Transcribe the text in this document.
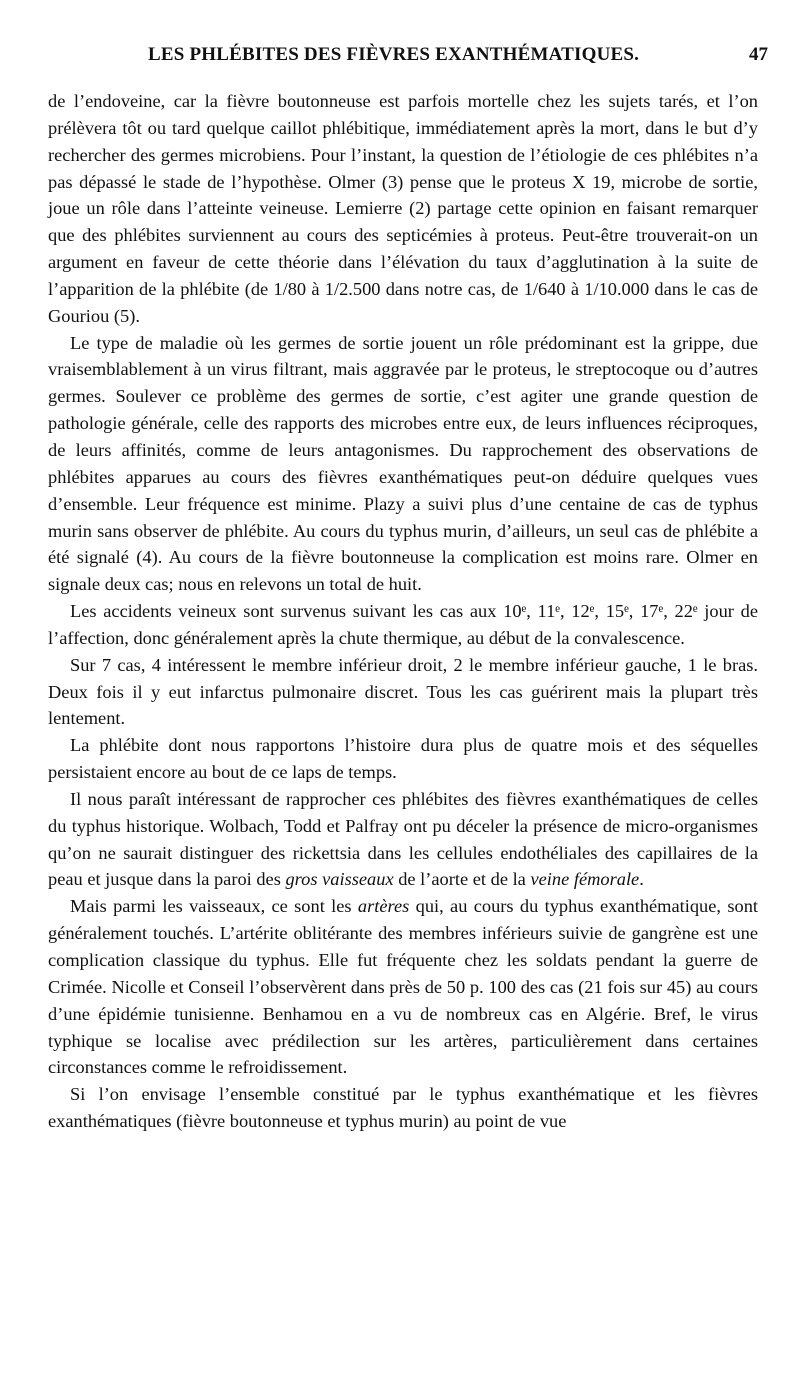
LES PHLÉBITES DES FIÈVRES EXANTHÉMATIQUES.	47

de l’endoveine, car la fièvre boutonneuse est parfois mortelle chez les sujets tarés, et l’on prélèvera tôt ou tard quelque caillot phlébitique, immédiatement après la mort, dans le but d’y rechercher des germes microbiens. Pour l’instant, la question de l’étiologie de ces phlébites n’a pas dépassé le stade de l’hypothèse. Olmer (3) pense que le proteus X 19, microbe de sortie, joue un rôle dans l’atteinte veineuse. Lemierre (2) partage cette opinion en faisant remarquer que des phlébites surviennent au cours des septicémies à proteus. Peut-être trouverait-on un argument en faveur de cette théorie dans l’élévation du taux d’agglutination à la suite de l’apparition de la phlébite (de 1/80 à 1/2.500 dans notre cas, de 1/640 à 1/10.000 dans le cas de Gouriou (5).

Le type de maladie où les germes de sortie jouent un rôle prédominant est la grippe, due vraisemblablement à un virus filtrant, mais aggravée par le proteus, le streptocoque ou d’autres germes. Soulever ce problème des germes de sortie, c’est agiter une grande question de pathologie générale, celle des rapports des microbes entre eux, de leurs influences réciproques, de leurs affinités, comme de leurs antagonismes. Du rapprochement des observations de phlébites apparues au cours des fièvres exanthématiques peut-on déduire quelques vues d’ensemble. Leur fréquence est minime. Plazy a suivi plus d’une centaine de cas de typhus murin sans observer de phlébite. Au cours du typhus murin, d’ailleurs, un seul cas de phlébite a été signalé (4). Au cours de la fièvre boutonneuse la complication est moins rare. Olmer en signale deux cas; nous en relevons un total de huit.

Les accidents veineux sont survenus suivant les cas aux 10ᵉ, 11ᵉ, 12ᵉ, 15ᵉ, 17ᵉ, 22ᵉ jour de l’affection, donc généralement après la chute thermique, au début de la convalescence.

Sur 7 cas, 4 intéressent le membre inférieur droit, 2 le membre inférieur gauche, 1 le bras. Deux fois il y eut infarctus pulmonaire discret. Tous les cas guérirent mais la plupart très lentement.

La phlébite dont nous rapportons l’histoire dura plus de quatre mois et des séquelles persistaient encore au bout de ce laps de temps.

Il nous paraît intéressant de rapprocher ces phlébites des fièvres exanthématiques de celles du typhus historique. Wolbach, Todd et Palfray ont pu déceler la présence de micro-organismes qu’on ne saurait distinguer des rickettsia dans les cellules endothéliales des capillaires de la peau et jusque dans la paroi des gros vaisseaux de l’aorte et de la veine fémorale.

Mais parmi les vaisseaux, ce sont les artères qui, au cours du typhus exanthématique, sont généralement touchés. L’artérite oblitérante des membres inférieurs suivie de gangrène est une complication classique du typhus. Elle fut fréquente chez les soldats pendant la guerre de Crimée. Nicolle et Conseil l’observèrent dans près de 50 p. 100 des cas (21 fois sur 45) au cours d’une épidémie tunisienne. Benhamou en a vu de nombreux cas en Algérie. Bref, le virus typhique se localise avec prédilection sur les artères, particulièrement dans certaines circonstances comme le refroidissement.

Si l’on envisage l’ensemble constitué par le typhus exanthématique et les fièvres exanthématiques (fièvre boutonneuse et typhus murin) au point de vue
